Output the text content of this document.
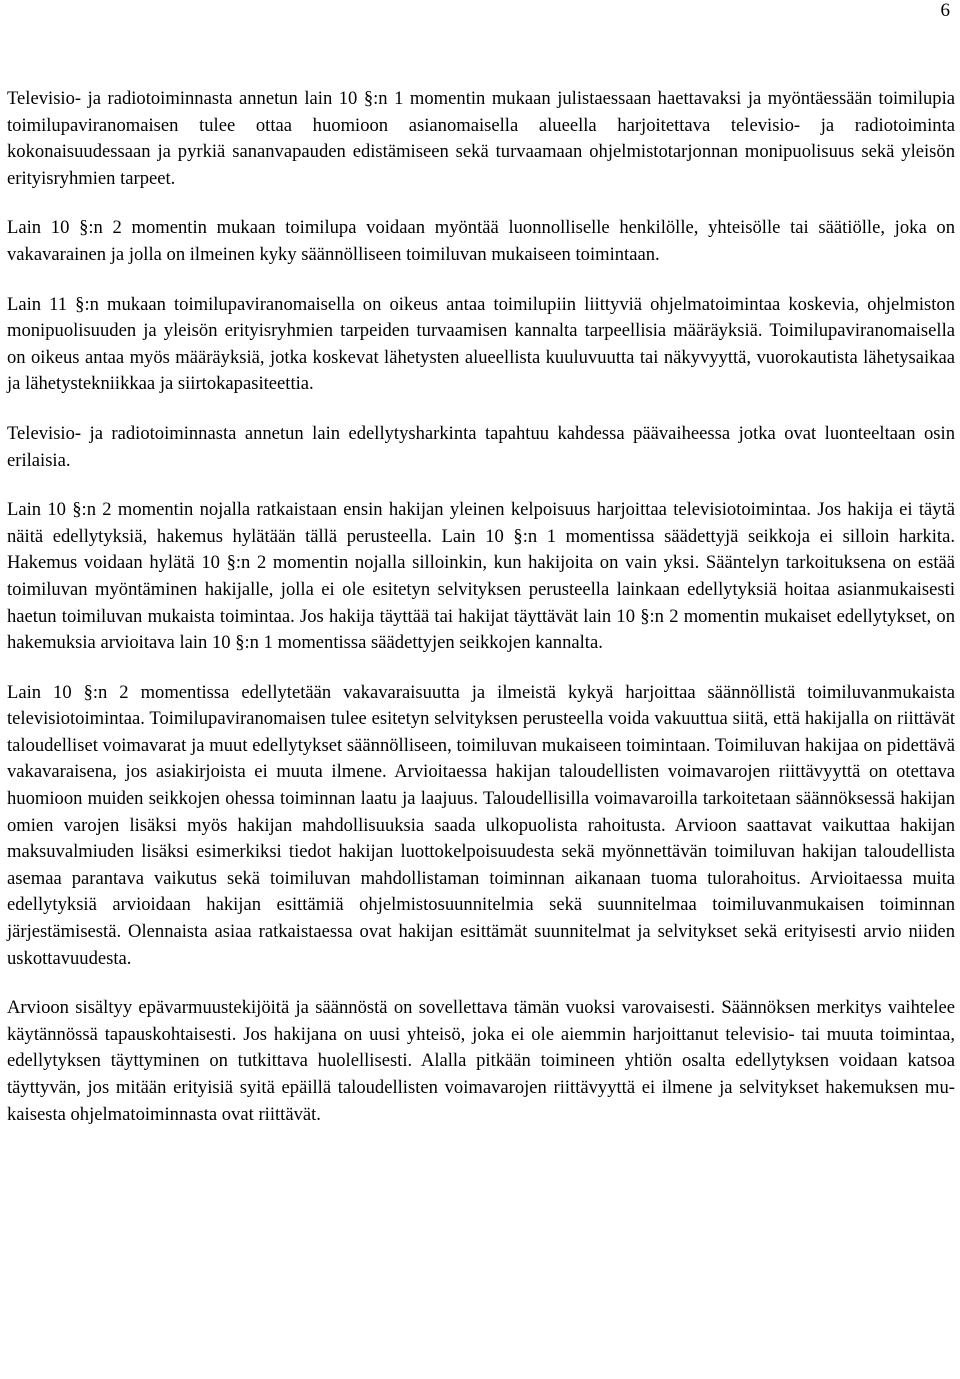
6

Televisio- ja radiotoiminnasta annetun lain 10 §:n 1 momentin mukaan julistaessaan haettavaksi ja myöntäessään toimilupia toimilupaviranomaisen tulee ottaa huomioon asianomaisella alueella harjoitettava televisio- ja radiotoiminta kokonaisuudessaan ja pyrkiä sananvapauden edistämiseen sekä turvaamaan ohjelmistotarjonnan monipuolisuus sekä yleisön erityisryhmien tarpeet.

Lain 10 §:n 2 momentin mukaan toimilupa voidaan myöntää luonnolliselle henkilölle, yhteisölle tai säätiölle, joka on vakavarainen ja jolla on ilmeinen kyky säännölliseen toimiluvan mukaiseen toimintaan.

Lain 11 §:n mukaan toimilupaviranomaisella on oikeus antaa toimilupiin liittyviä ohjelmatoimintaa koskevia, ohjelmiston monipuolisuuden ja yleisön erityisryhmien tarpeiden turvaamisen kannalta tarpeellisia määräyksiä. Toimilupaviranomaisella on oikeus antaa myös määräyksiä, jotka koskevat lähetysten alueellista kuuluvuutta tai näkyvyyttä, vuorokautista lähetysaikaa ja lähetystekniikkaa ja siirtokapasiteettia.

Televisio- ja radiotoiminnasta annetun lain edellytysharkinta tapahtuu kahdessa päävaiheessa jotka ovat luonteeltaan osin erilaisia.

Lain 10 §:n 2 momentin nojalla ratkaistaan ensin hakijan yleinen kelpoisuus harjoittaa televisiotoimintaa. Jos hakija ei täytä näitä edellytyksiä, hakemus hylätään tällä perusteella. Lain 10 §:n 1 momentissa säädettyjä seikkoja ei silloin harkita. Hakemus voidaan hylätä 10 §:n 2 momentin nojalla silloinkin, kun hakijoita on vain yksi. Sääntelyn tarkoituksena on estää toimiluvan myöntäminen hakijalle, jolla ei ole esitetyn selvityksen perusteella lainkaan edellytyksiä hoitaa asianmukaisesti haetun toimiluvan mukaista toimintaa. Jos hakija täyttää tai hakijat täyttävät lain 10 §:n 2 momentin mukaiset edellytykset, on hakemuksia arvioitava lain 10 §:n 1 momentissa säädettyjen seikkojen kannalta.

Lain 10 §:n 2 momentissa edellytetään vakavaraisuutta ja ilmeistä kykyä harjoittaa säännöllistä toimiluvanmukaista televisiotoimintaa. Toimilupaviranomaisen tulee esitetyn selvityksen perusteella voida vakuuttua siitä, että hakijalla on riittävät taloudelliset voimavarat ja muut edellytykset säännölliseen, toimiluvan mukaiseen toimintaan. Toimiluvan hakijaa on pidettävä vakavaraisena, jos asiakirjoista ei muuta ilmene. Arvioitaessa hakijan taloudellisten voimavarojen riittävyyttä on otettava huomioon muiden seikkojen ohessa toiminnan laatu ja laajuus. Taloudellisilla voimavaroilla tarkoitetaan säännöksessä hakijan omien varojen lisäksi myös hakijan mahdollisuuksia saada ulkopuolista rahoitusta. Arvioon saattavat vaikuttaa hakijan maksuvalmiuden lisäksi esimerkiksi tiedot hakijan luottokelpoisuudesta sekä myönnettävän toimiluvan hakijan taloudellista asemaa parantava vaikutus sekä toimiluvan mahdollistaman toiminnan aikanaan tuoma tulorahoitus. Arvioitaessa muita edellytyksiä arvioidaan hakijan esittämiä ohjelmistosuunnitelmia sekä suunnitelmaa toimiluvanmukaisen toiminnan järjestämisestä. Olennaista asiaa ratkaistaessa ovat hakijan esittämät suunnitelmat ja selvitykset sekä erityisesti arvio niiden uskottavuudesta.

Arvioon sisältyy epävarmuustekijöitä ja säännöstä on sovellettava tämän vuoksi varovaisesti. Säännöksen merkitys vaihtelee käytännössä tapauskohtaisesti. Jos hakijana on uusi yhteisö, joka ei ole aiemmin harjoittanut televisio- tai muuta toimintaa, edellytyksen täyttyminen on tutkittava huolellisesti. Alalla pitkään toimineen yhtiön osalta edellytyksen voidaan katsoa täyttyvän, jos mitään erityisiä syitä epäillä taloudellisten voimavarojen riittävyyttä ei ilmene ja selvitykset hakemuksen mukaisesta ohjelmatoiminnasta ovat riittävät.
